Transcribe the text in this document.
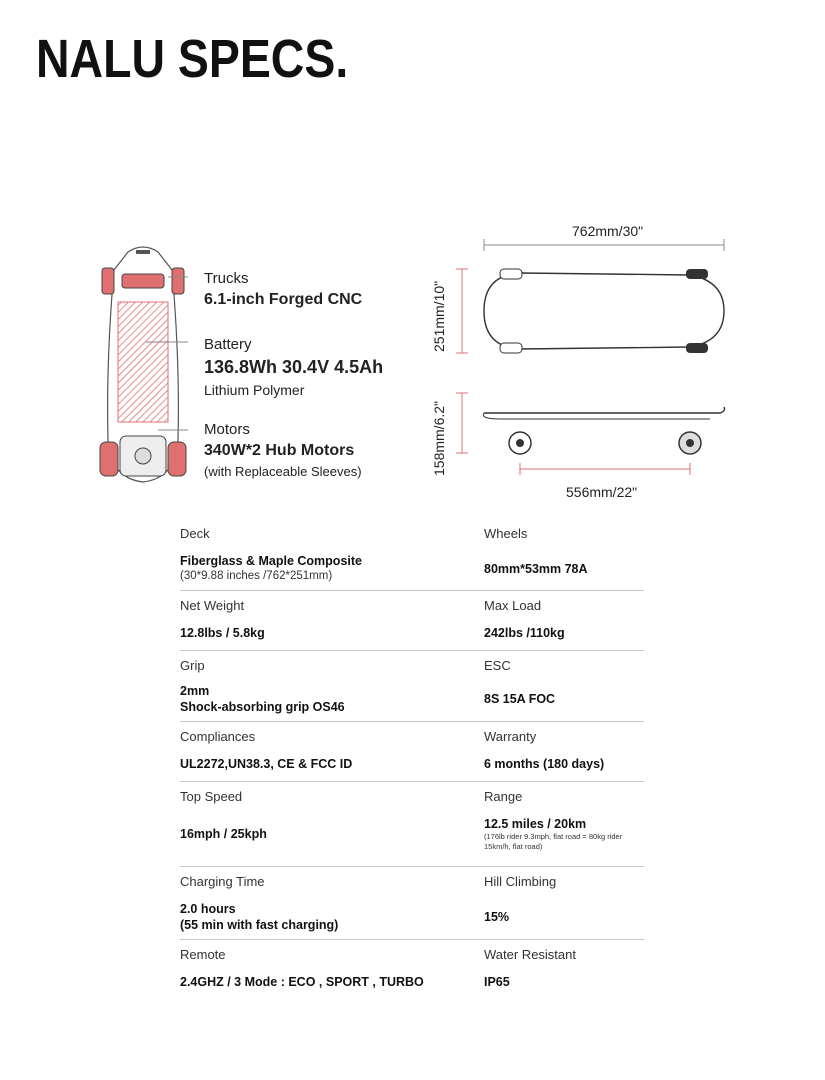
NALU SPECS.
Trucks
6.1-inch Forged CNC
Battery
136.8Wh 30.4V 4.5Ah
Lithium Polymer
Motors
340W*2 Hub Motors
(with Replaceable Sleeves)
762mm/30"
251mm/10"
158mm/6.2"
556mm/22"
Deck
Fiberglass & Maple Composite
(30*9.88 inches /762*251mm)
Wheels
80mm*53mm 78A
Net Weight
12.8lbs / 5.8kg
Max Load
242lbs /110kg
Grip
2mm
Shock-absorbing grip OS46
ESC
8S 15A FOC
Compliances
UL2272,UN38.3, CE & FCC ID
Warranty
6 months (180 days)
Top Speed
16mph / 25kph
Range
12.5 miles / 20km
(176lb rider 9.3mph, flat road = 80kg rider 15km/h, flat road)
Charging Time
2.0 hours
(55 min with fast charging)
Hill Climbing
15%
Remote
2.4GHZ / 3 Mode : ECO , SPORT , TURBO
Water Resistant
IP65
